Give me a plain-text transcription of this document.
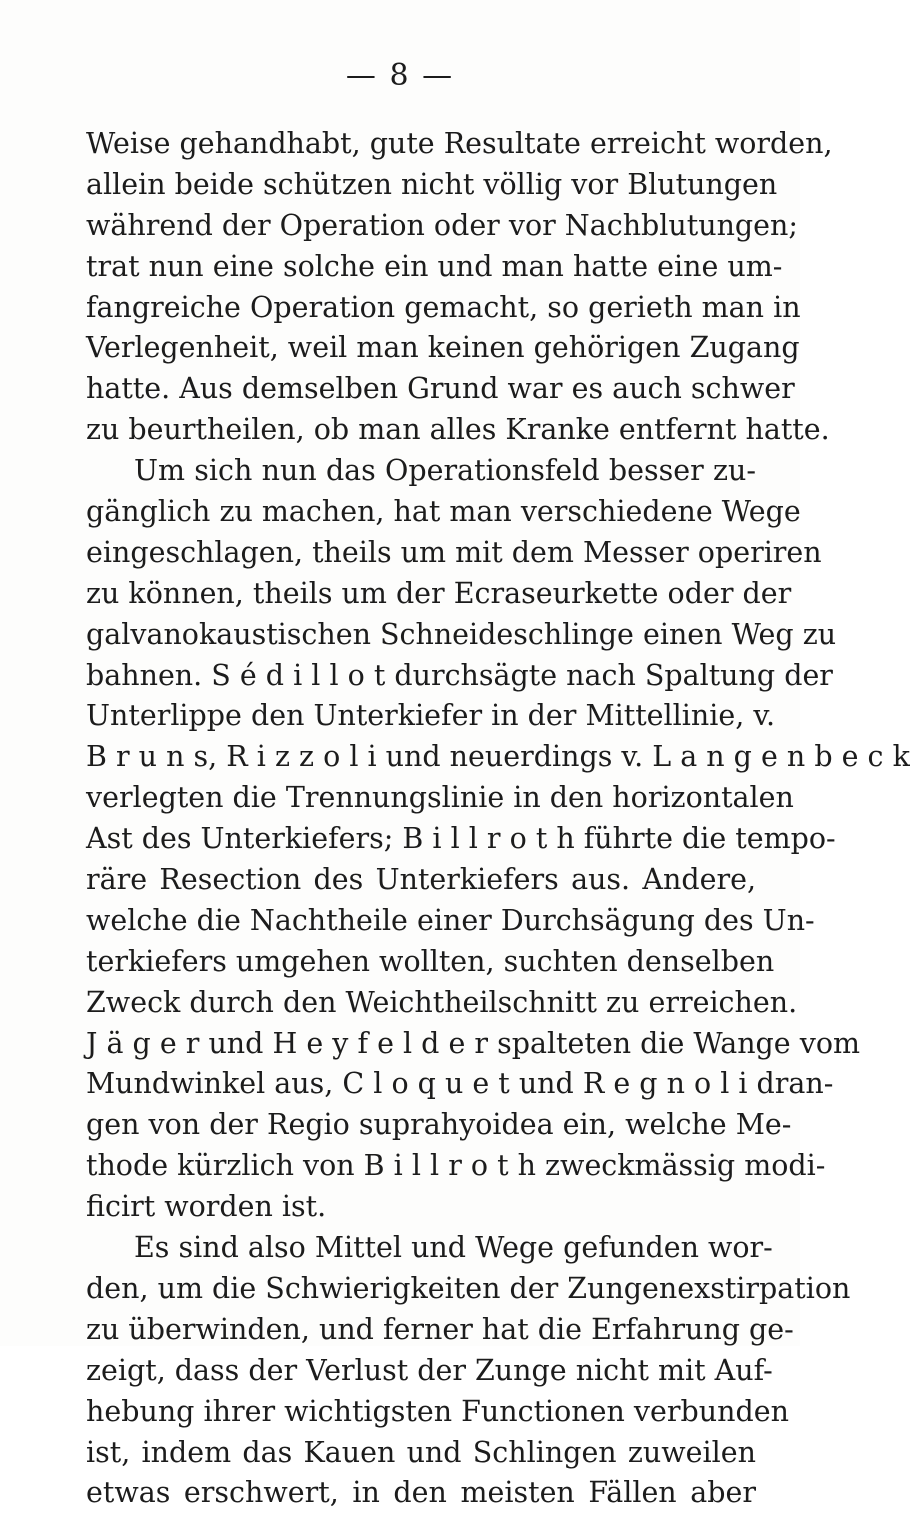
— 8 —
Weise gehandhabt, gute Resultate erreicht worden,
allein beide schützen nicht völlig vor Blutungen
während der Operation oder vor Nachblutungen;
trat nun eine solche ein und man hatte eine um-
fangreiche Operation gemacht, so gerieth man in
Verlegenheit, weil man keinen gehörigen Zugang
hatte. Aus demselben Grund war es auch schwer
zu beurtheilen, ob man alles Kranke entfernt hatte.
Um sich nun das Operationsfeld besser zu-
gänglich zu machen, hat man verschiedene Wege
eingeschlagen, theils um mit dem Messer operiren
zu können, theils um der Ecraseurkette oder der
galvanokaustischen Schneideschlinge einen Weg zu
bahnen. S é d i l l o t durchsägte nach Spaltung der
Unterlippe den Unterkiefer in der Mittellinie, v.
B r u n s, R i z z o l i und neuerdings v. L a n g e n b e c k
verlegten die Trennungslinie in den horizontalen
Ast des Unterkiefers; B i l l r o t h führte die tempo-
räre Resection des Unterkiefers aus. Andere,
welche die Nachtheile einer Durchsägung des Un-
terkiefers umgehen wollten, suchten denselben
Zweck durch den Weichtheilschnitt zu erreichen.
J ä g e r und H e y f e l d e r spalteten die Wange vom
Mundwinkel aus, C l o q u e t und R e g n o l i dran-
gen von der Regio suprahyoidea ein, welche Me-
thode kürzlich von B i l l r o t h zweckmässig modi-
ficirt worden ist.
Es sind also Mittel und Wege gefunden wor-
den, um die Schwierigkeiten der Zungenexstirpation
zu überwinden, und ferner hat die Erfahrung ge-
zeigt, dass der Verlust der Zunge nicht mit Auf-
hebung ihrer wichtigsten Functionen verbunden
ist, indem das Kauen und Schlingen zuweilen
etwas erschwert, in den meisten Fällen aber
